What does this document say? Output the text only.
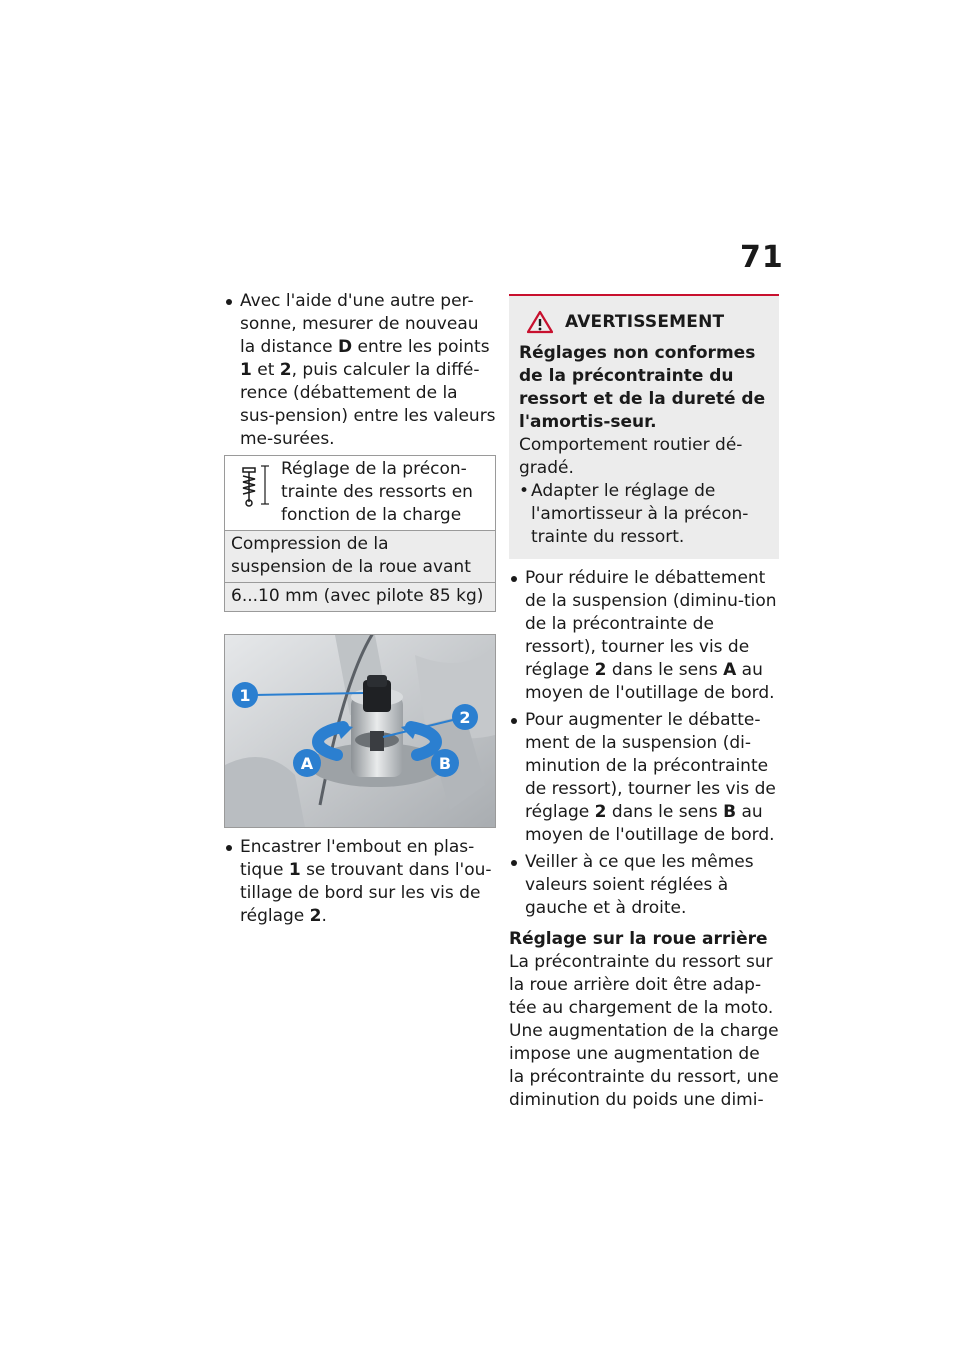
71
Avec l'aide d'une autre per-sonne, mesurer de nouveau la distance D entre les points 1 et 2, puis calculer la diffé-rence (débattement de la sus-pension) entre les valeurs me-surées.
Réglage de la précon-trainte des ressorts en fonction de la charge
Compression de la suspension de la roue avant
6...10 mm (avec pilote 85 kg)
1
2
A	B
Encastrer l'embout en plas-tique 1 se trouvant dans l'ou-tillage de bord sur les vis de réglage 2.
AVERTISSEMENT
Réglages non conformes de la précontrainte du ressort et de la dureté de l'amortis-seur.
Comportement routier dé-gradé.
• Adapter le réglage de l'amortisseur à la précon-trainte du ressort.
Pour réduire le débattement de la suspension (diminu-tion de la précontrainte de ressort), tourner les vis de réglage 2 dans le sens A au moyen de l'outillage de bord.
Pour augmenter le débatte-ment de la suspension (di-minution de la précontrainte de ressort), tourner les vis de réglage 2 dans le sens B au moyen de l'outillage de bord.
Veiller à ce que les mêmes valeurs soient réglées à gauche et à droite.
Réglage sur la roue arrière
La précontrainte du ressort sur la roue arrière doit être adap-tée au chargement de la moto. Une augmentation de la charge impose une augmentation de la précontrainte du ressort, une diminution du poids une dimi-
